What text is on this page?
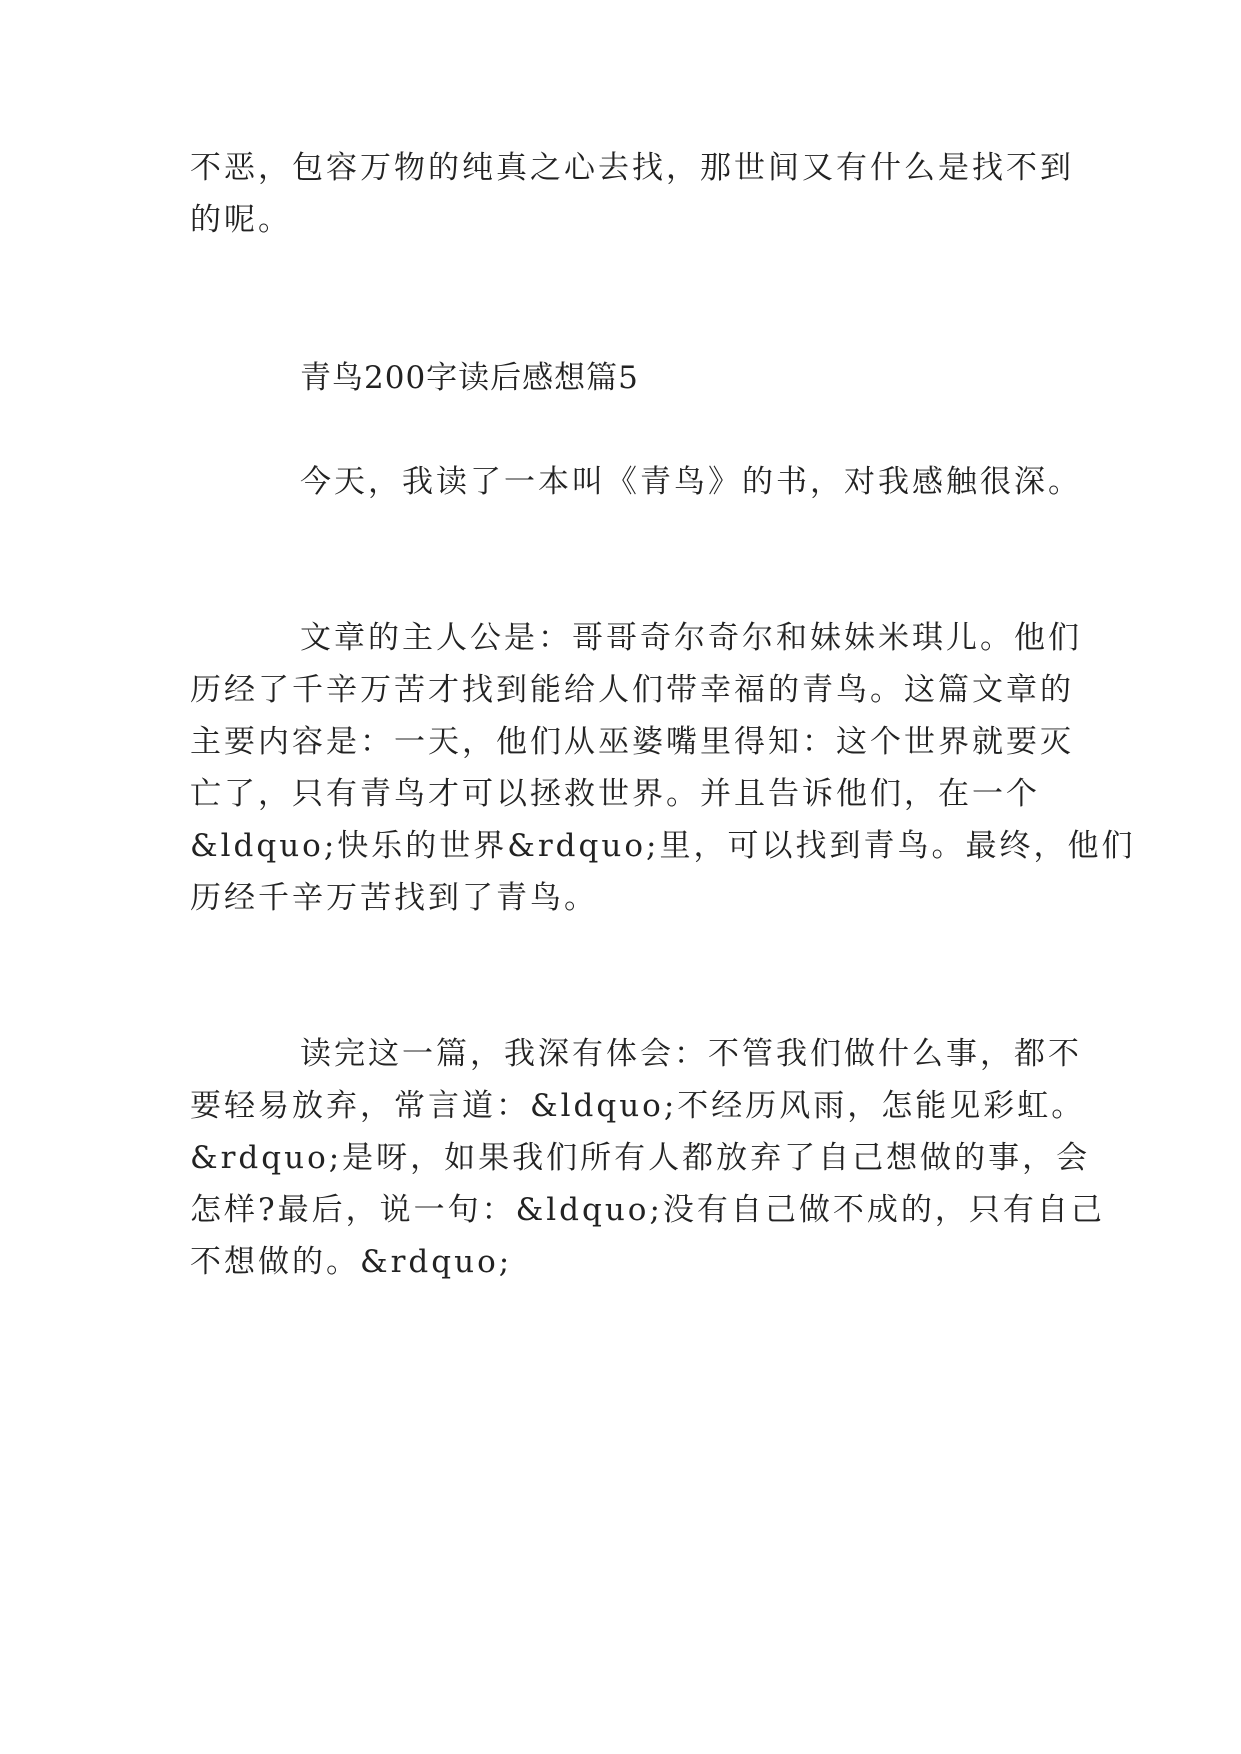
不恶，包容万物的纯真之心去找，那世间又有什么是找不到

的呢。

青鸟200字读后感想篇5

今天，我读了一本叫《青鸟》的书，对我感触很深。

文章的主人公是：哥哥奇尔奇尔和妹妹米琪儿。他们

历经了千辛万苦才找到能给人们带幸福的青鸟。这篇文章的

主要内容是：一天，他们从巫婆嘴里得知：这个世界就要灭

亡了，只有青鸟才可以拯救世界。并且告诉他们，在一个

&ldquo;快乐的世界&rdquo;里，可以找到青鸟。最终，他们

历经千辛万苦找到了青鸟。

读完这一篇，我深有体会：不管我们做什么事，都不

要轻易放弃，常言道：&ldquo;不经历风雨，怎能见彩虹。

&rdquo;是呀，如果我们所有人都放弃了自己想做的事，会

怎样?最后，说一句：&ldquo;没有自己做不成的，只有自己

不想做的。&rdquo;
